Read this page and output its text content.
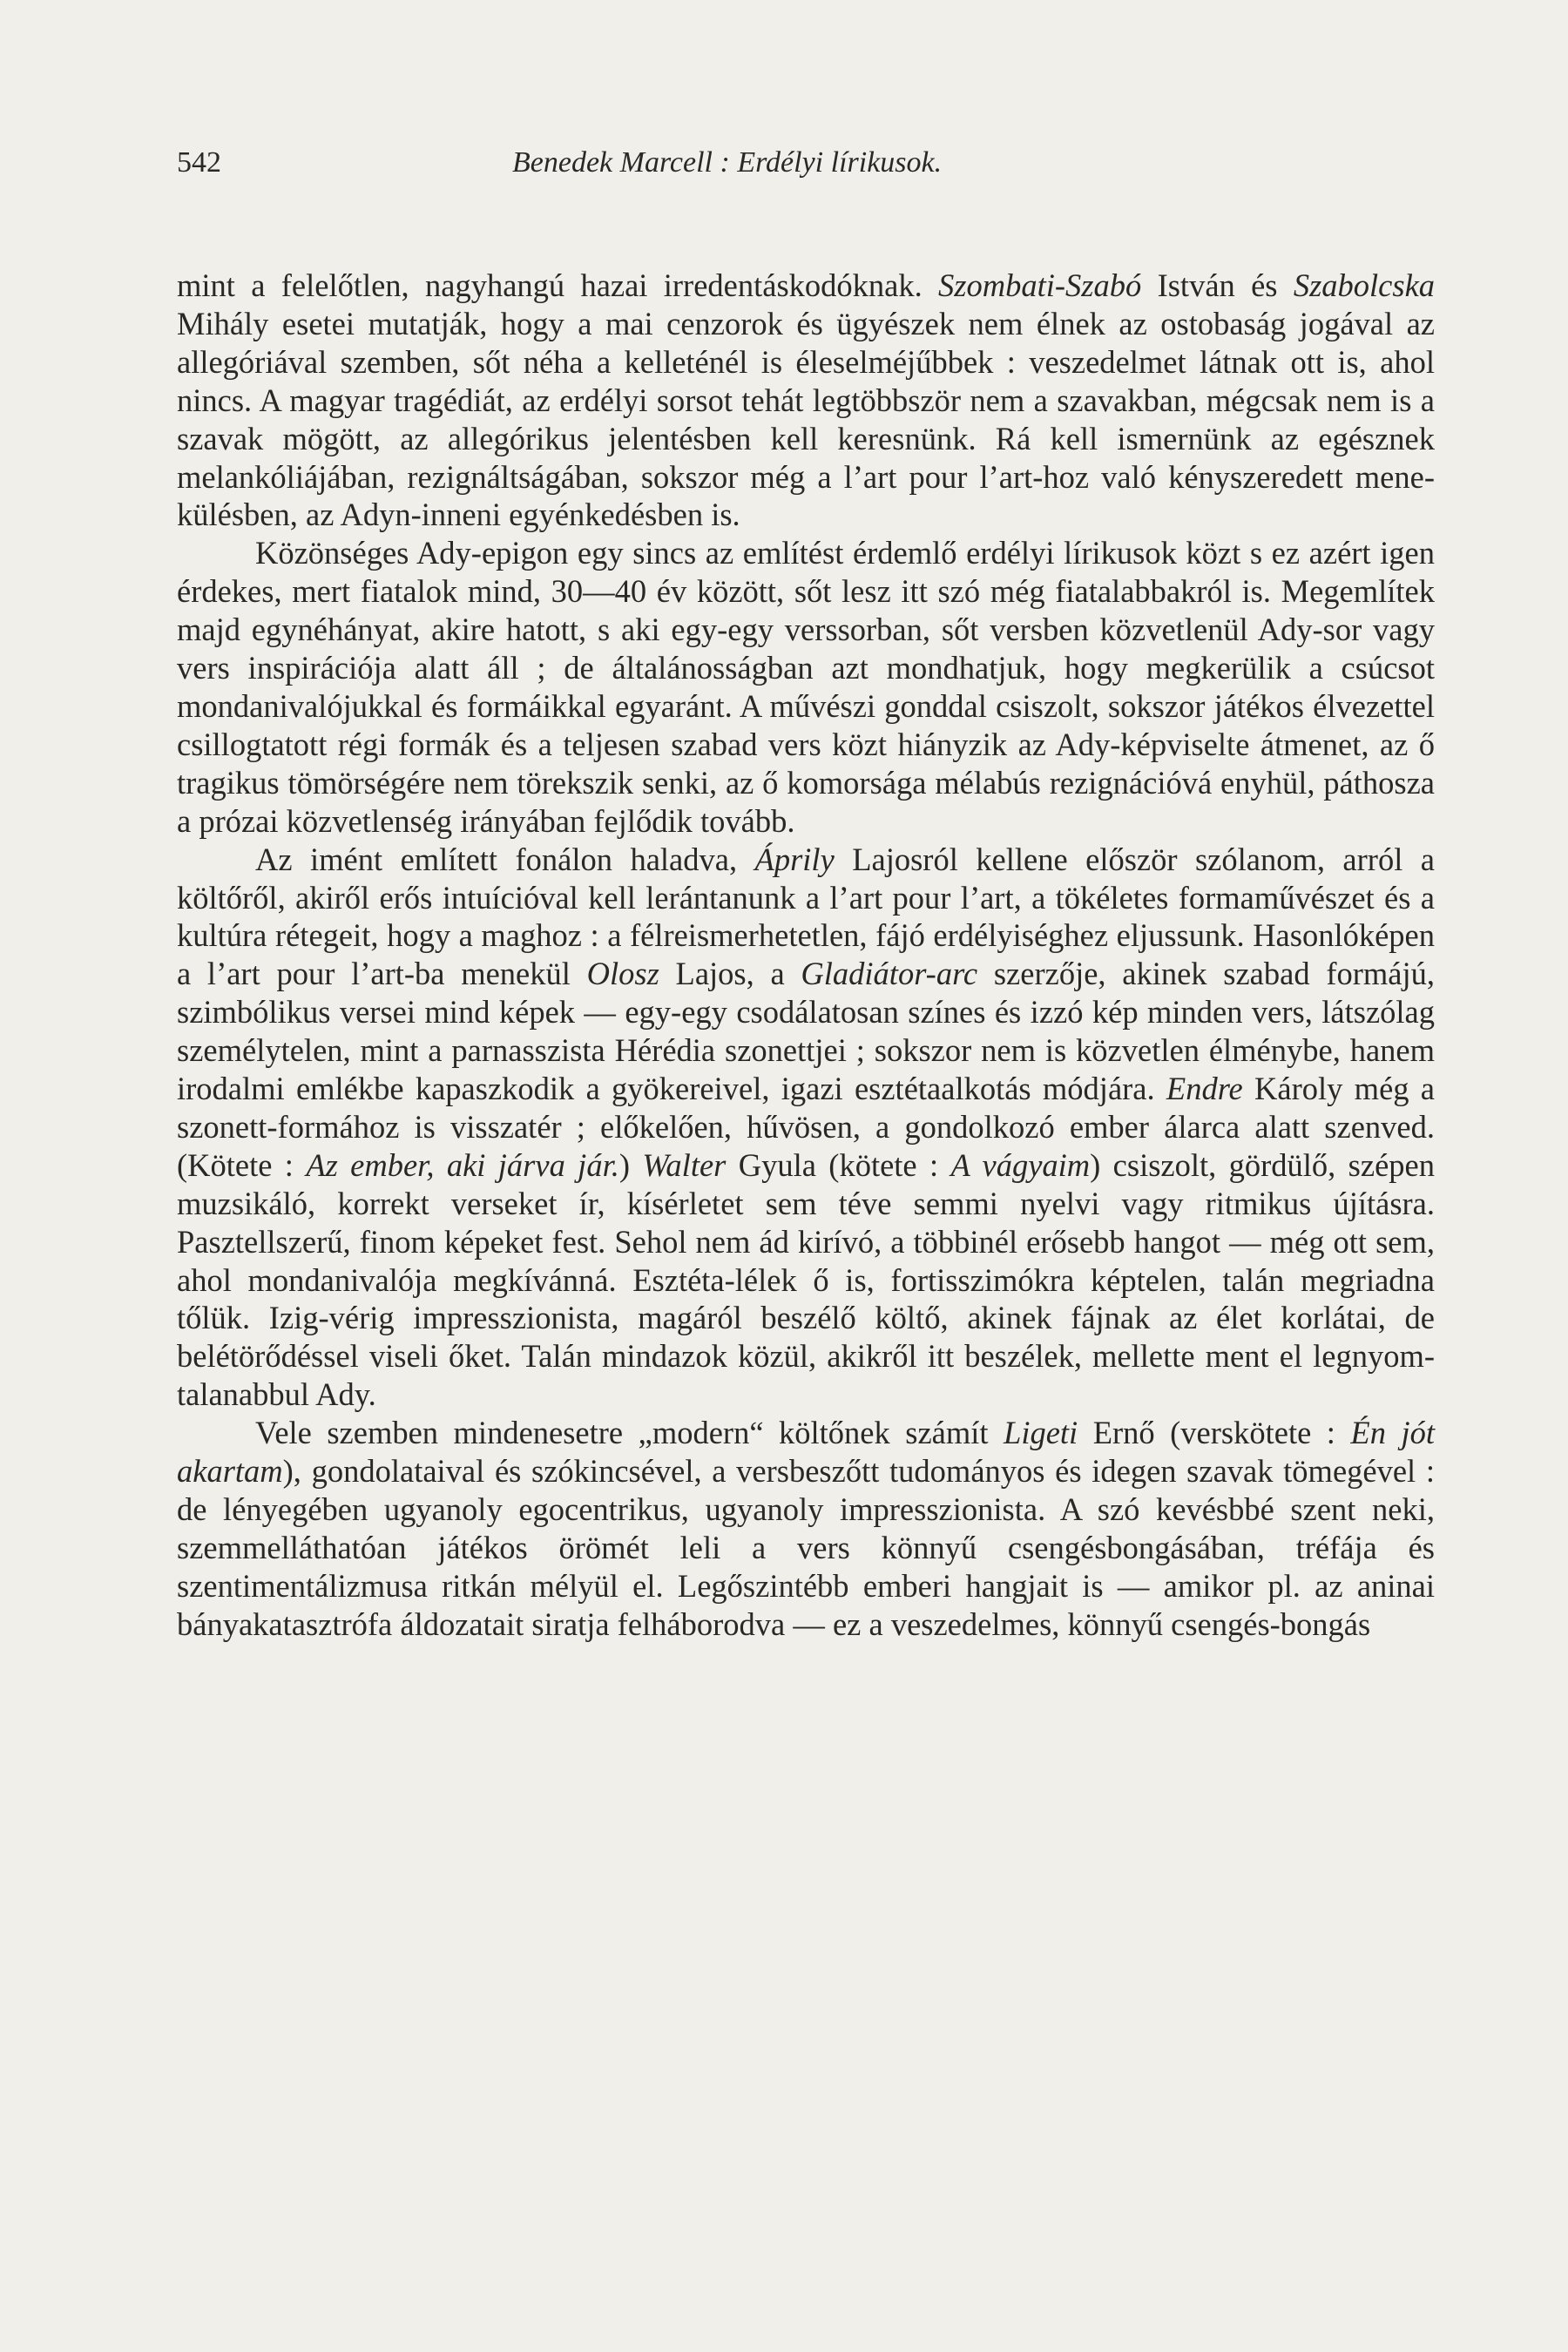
542	Benedek Marcell : Erdélyi lírikusok.

mint a felelőtlen, nagyhangú hazai irredentáskodóknak. Szombati-Szabó István és Szabolcska Mihály esetei mutatják, hogy a mai cenzorok és ügyészek nem élnek az ostobaság jogával az allegóriával szemben, sőt néha a kelleténél is éleselméjűbbek : veszedelmet látnak ott is, ahol nincs. A magyar tragédiát, az erdélyi sorsot tehát legtöbbször nem a szavakban, mégcsak nem is a szavak mögött, az allegórikus jelentésben kell keresnünk. Rá kell ismernünk az egésznek melankóliájában, rezignáltságában, sokszor még a l’art pour l’art-hoz való kényszeredett menekülésben, az Adyn-inneni egyénkedésben is.

Közönséges Ady-epigon egy sincs az említést érdemlő erdélyi lírikusok közt s ez azért igen érdekes, mert fiatalok mind, 30—40 év között, sőt lesz itt szó még fiatalabbakról is. Megemlítek majd egynéhányat, akire hatott, s aki egy-egy verssorban, sőt versben közvetlenül Ady-sor vagy vers inspirációja alatt áll ; de általánosságban azt mondhatjuk, hogy megkerülik a csúcsot mondanivalójukkal és formáikkal egyaránt. A művészi gonddal csiszolt, sokszor játékos élvezettel csillogtatott régi formák és a teljesen szabad vers közt hiányzik az Ady-képviselte átmenet, az ő tragikus tömörségére nem törekszik senki, az ő komorsága mélabús rezignációvá enyhül, páthosza a prózai közvetlenség irányában fejlődik tovább.

Az imént említett fonálon haladva, Áprily Lajosról kellene először szólanom, arról a költőről, akiről erős intuícióval kell lerántanunk a l’art pour l’art, a tökéletes formaművészet és a kultúra rétegeit, hogy a maghoz : a félreismerhetetlen, fájó erdélyiséghez eljussunk. Hasonlóképen a l’art pour l’art-ba menekül Olosz Lajos, a Gladiátor-arc szerzője, akinek szabad formájú, szimbólikus versei mind képek — egy-egy csodálatosan színes és izzó kép minden vers, látszólag személytelen, mint a parnasszista Hérédia szonettjei ; sokszor nem is közvetlen élménybe, hanem irodalmi emlékbe kapaszkodik a gyökereivel, igazi esztétaalkotás módjára. Endre Károly még a szonett-formához is visszatér ; előkelően, hűvösen, a gondolkozó ember álarca alatt szenved. (Kötete : Az ember, aki járva jár.) Walter Gyula (kötete : A vágyaim) csiszolt, gördülő, szépen muzsikáló, korrekt verseket ír, kísérletet sem téve semmi nyelvi vagy ritmikus újításra. Pasztellszerű, finom képeket fest. Sehol nem ád kirívó, a többinél erősebb hangot — még ott sem, ahol mondanivalója megkívánná. Esztéta-lélek ő is, fortisszimókra képtelen, talán megriadna tőlük. Izig-vérig impresszionista, magáról beszélő költő, akinek fájnak az élet korlátai, de belétörődéssel viseli őket. Talán mindazok közül, akikről itt beszélek, mellette ment el legnyomtalanabbul Ady.

Vele szemben mindenesetre „modern“ költőnek számít Ligeti Ernő (verskötete : Én jót akartam), gondolataival és szókincsével, a versbeszőtt tudományos és idegen szavak tömegével : de lényegében ugyanoly egocentrikus, ugyanoly impresszionista. A szó kevésbbé szent neki, szemmelláthatóan játékos örömét leli a vers könnyű csengésbongásában, tréfája és szentimentálizmusa ritkán mélyül el. Legőszintébb emberi hangjait is — amikor pl. az aninai bányakatasztrófa áldozatait siratja felháborodva — ez a veszedelmes, könnyű csengés-bongás
